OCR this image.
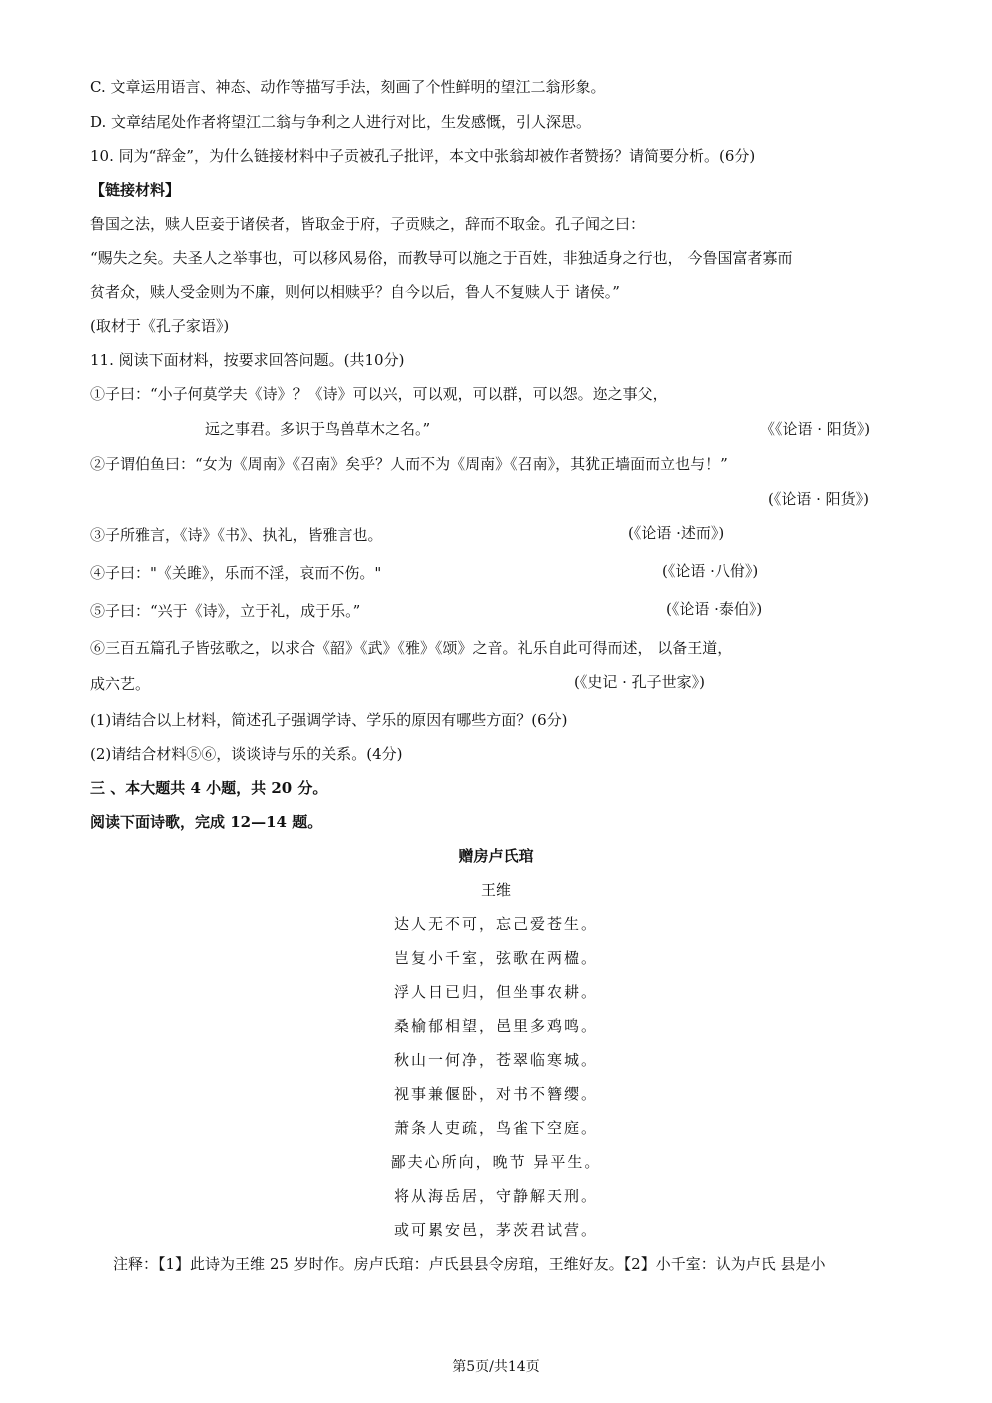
C. 文章运用语言、神态、动作等描写手法，刻画了个性鲜明的望江二翁形象。
D. 文章结尾处作者将望江二翁与争利之人进行对比，生发感慨，引人深思。
10. 同为“辞金”，为什么链接材料中子贡被孔子批评，本文中张翁却被作者赞扬？请简要分析。(6分)
【链接材料】
鲁国之法，赎人臣妾于诸侯者，皆取金于府，子贡赎之，辞而不取金。孔子闻之曰：
“赐失之矣。夫圣人之举事也，可以移风易俗，而教导可以施之于百姓，非独适身之行也， 今鲁国富者寡而
贫者众，赎人受金则为不廉，则何以相赎乎？自今以后，鲁人不复赎人于 诸侯。”
(取材于《孔子家语》)
11. 阅读下面材料，按要求回答问题。(共10分)
①子曰：“小子何莫学夫《诗》？《诗》可以兴，可以观，可以群，可以怨。迩之事父，
远之事君。多识于鸟兽草木之名。”	《《论语 · 阳货》)
②子谓伯鱼曰：“女为《周南》《召南》矣乎？人而不为《周南》《召南》，其犹正墙面而立也与！”
(《论语 · 阳货》)
③子所雅言，《诗》《书》、执礼，皆雅言也。	(《论语 ·述而》)
④子曰："《关雎》，乐而不淫，哀而不伤。"	(《论语 ·八佾》)
⑤子曰：“兴于《诗》，立于礼，成于乐。”	(《论语 ·泰伯》)
⑥三百五篇孔子皆弦歌之，以求合《韶》《武》《雅》《颂》之音。礼乐自此可得而述， 以备王道，
成六艺。	(《史记 · 孔子世家》)
(1)请结合以上材料，简述孔子强调学诗、学乐的原因有哪些方面？(6分)
(2)请结合材料⑤⑥，谈谈诗与乐的关系。(4分)
三 、本大题共 4 小题，共 20 分。
阅读下面诗歌，完成 12—14 题。
赠房卢氏琯
王维
达人无不可，忘己爱苍生。
岂复小千室，弦歌在两楹。
浮人日已归，但坐事农耕。
桑榆郁相望，邑里多鸡鸣。
秋山一何净，苍翠临寒城。
视事兼偃卧，对书不簪缨。
萧条人吏疏，鸟雀下空庭。
鄙夫心所向，晚节 异平生。
将从海岳居，守静解天刑。
或可累安邑，茅茨君试营。
注释：【1】此诗为王维 25 岁时作。房卢氏琯：卢氏县县令房琯，王维好友。【2】小千室：认为卢氏 县是小
第5页/共14页
